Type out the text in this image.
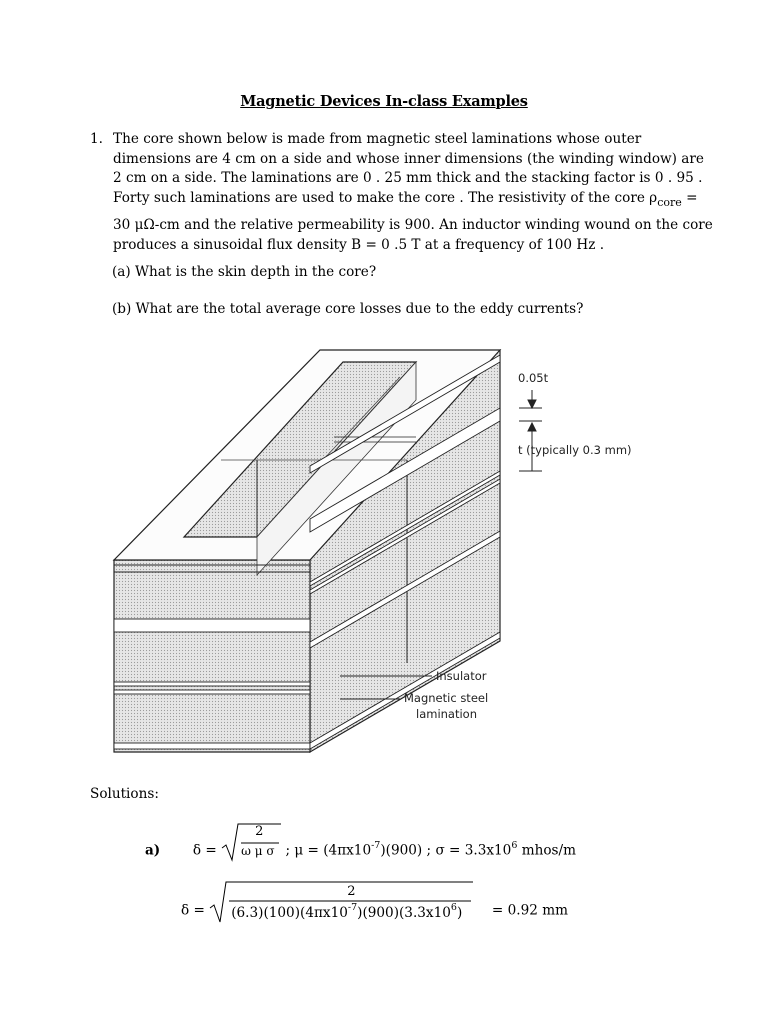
Magnetic Devices In-class Examples
1. The core shown below is made from magnetic steel laminations whose outer
dimensions are 4 cm on a side and whose inner dimensions (the winding window) are
2 cm on a side. The laminations are 0 . 25 mm thick and the stacking factor is 0 . 95 .
Forty such laminations are used to make the core . The resistivity of the core $\rho_{core}$ =
30 μΩ-cm and the relative permeability is 900. An inductor winding wound on the core
produces a sinusoidal flux density B = 0 .5 T at a frequency of 100 Hz .
(a) What is the skin depth in the core?
(b) What are the total average core losses due to the eddy currents?
0.05t
t (typically 0.3 mm)
Insulator
Magnetic steel
lamination
Solutions:
a) δ =
2
ω μ σ ; $\mu = (4\pi x10^{-7})(900)$ ; $\sigma = 3.3x10^6$ mhos/m
δ =
2
$(6.3)(100)(4\pi x10^{-7})(900)(3.3x10^6) = 0.92$ mm
